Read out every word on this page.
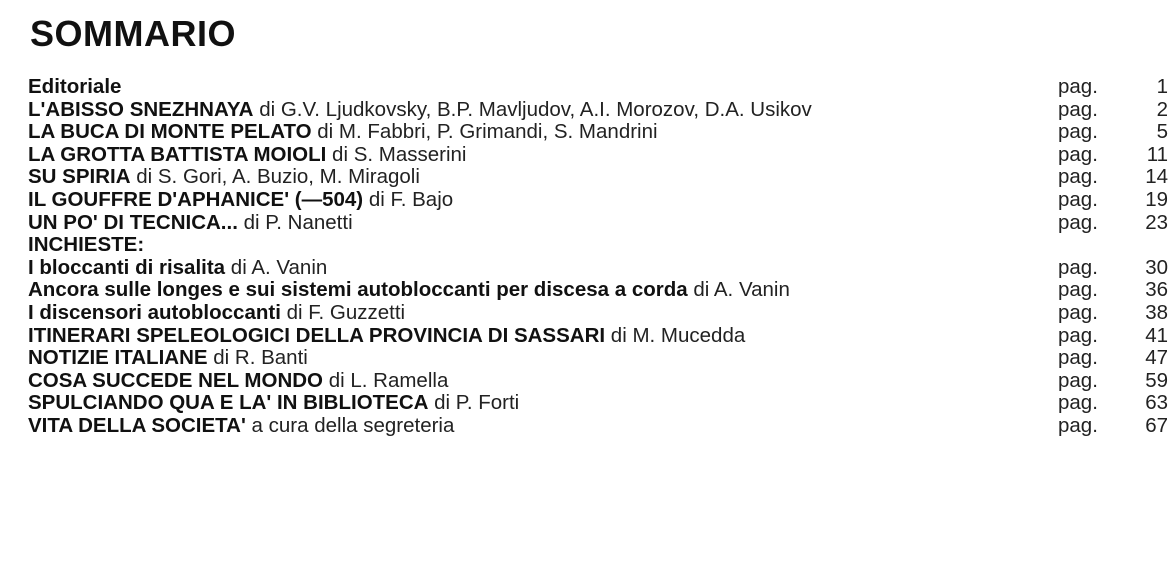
SOMMARIO
Editoriale	pag.	1
L'ABISSO SNEZHNAYA di G.V. Ljudkovsky, B.P. Mavljudov, A.I. Morozov, D.A. Usikov	pag.	2
LA BUCA DI MONTE PELATO di M. Fabbri, P. Grimandi, S. Mandrini	pag.	5
LA GROTTA BATTISTA MOIOLI di S. Masserini	pag. 11
SU SPIRIA di S. Gori, A. Buzio, M. Miragoli	pag. 14
IL GOUFFRE D'APHANICE' (—504) di F. Bajo	pag. 19
UN PO' DI TECNICA... di P. Nanetti	pag. 23
INCHIESTE:
I bloccanti di risalita di A. Vanin	pag. 30
Ancora sulle longes e sui sistemi autobloccanti per discesa a corda di A. Vanin	pag. 36
I discensori autobloccanti di F. Guzzetti	pag. 38
ITINERARI SPELEOLOGICI DELLA PROVINCIA DI SASSARI di M. Mucedda	pag. 41
NOTIZIE ITALIANE di R. Banti	pag. 47
COSA SUCCEDE NEL MONDO di L. Ramella	pag. 59
SPULCIANDO QUA E LA' IN BIBLIOTECA di P. Forti	pag. 63
VITA DELLA SOCIETA' a cura della segreteria	pag. 67
